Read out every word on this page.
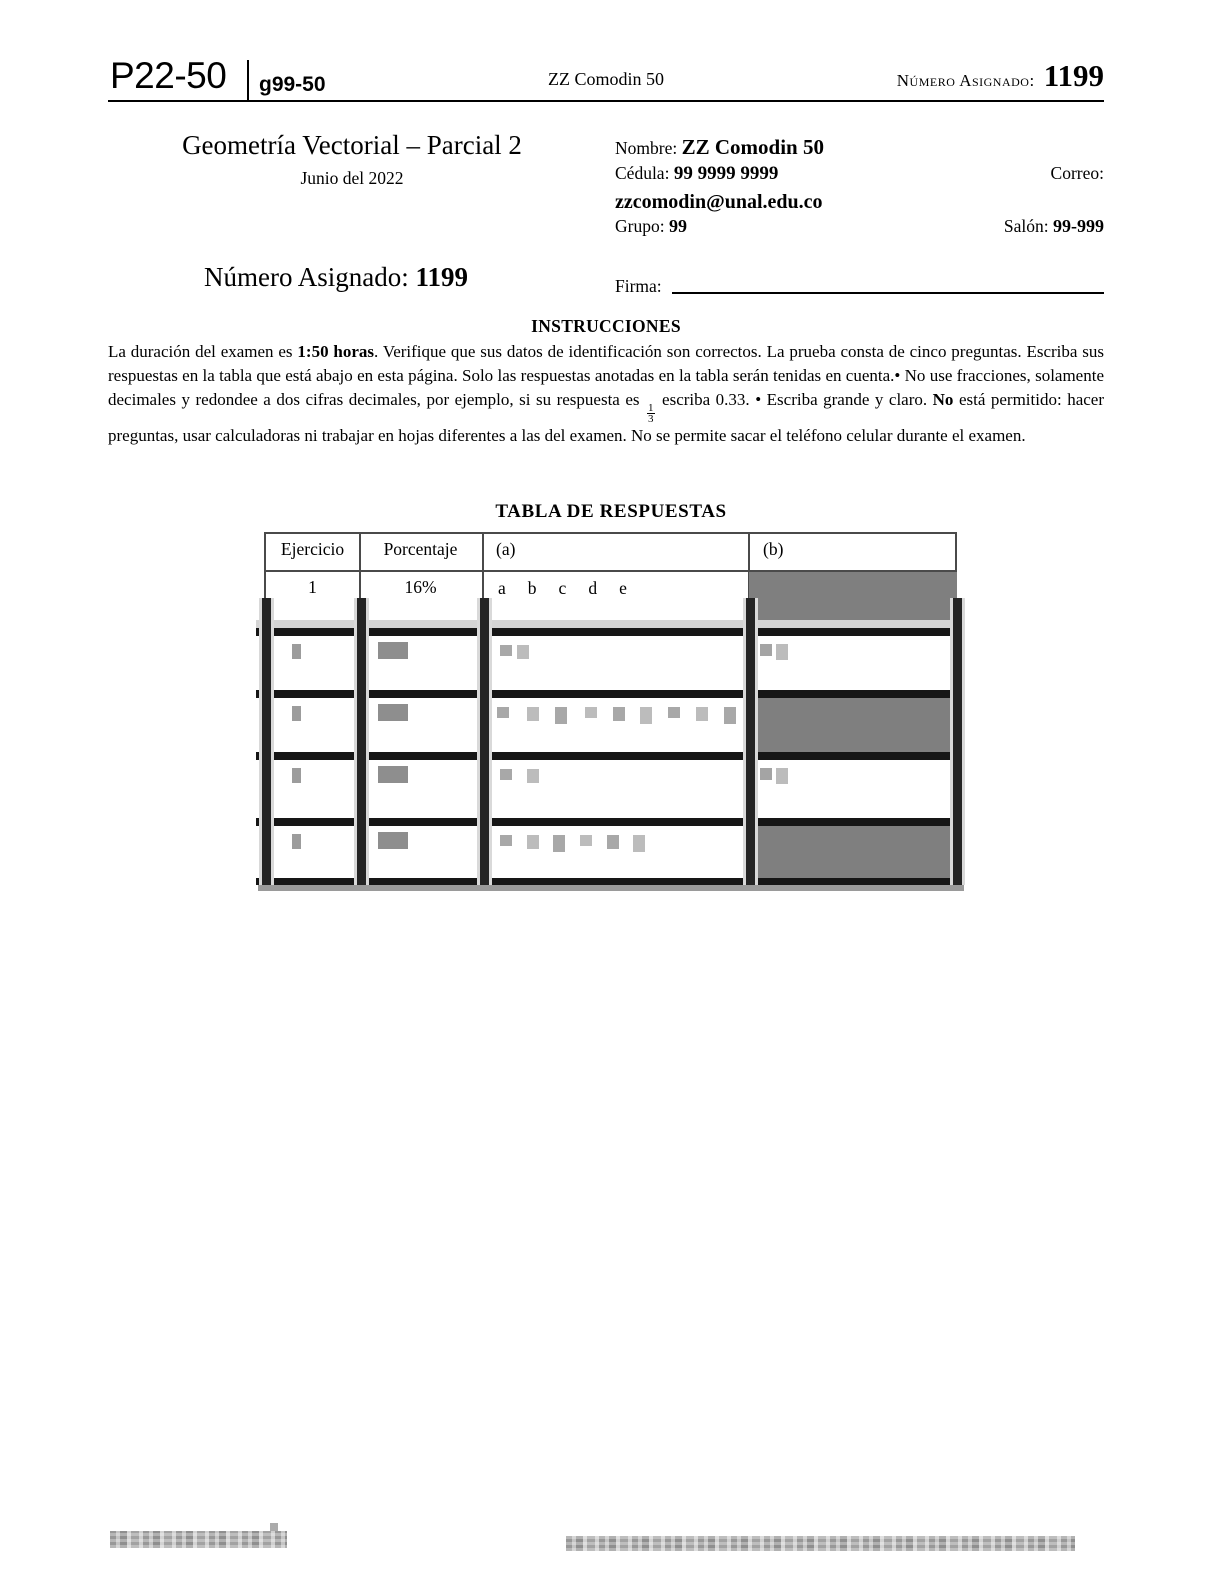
P22-50 g99-50	ZZ Comodin 50	Número Asignado: 1199
Geometría Vectorial – Parcial 2
Junio del 2022
Número Asignado: 1199
Nombre: ZZ Comodin 50
Cédula: 99 9999 9999	Correo:
zzcomodin@unal.edu.co
Grupo: 99	Salón: 99-999
Firma:
INSTRUCCIONES
La duración del examen es 1:50 horas. Verifique que sus datos de identificación son correctos. La prueba consta de cinco preguntas. Escriba sus respuestas en la tabla que está abajo en esta página. Solo las respuestas anotadas en la tabla serán tenidas en cuenta.• No use fracciones, solamente decimales y redondee a dos cifras decimales, por ejemplo, si su respuesta es
$\frac{1}{3}$
escriba 0.33. • Escriba grande y claro. No está permitido: hacer preguntas, usar calculadoras ni trabajar en hojas diferentes a las del examen. No se permite sacar el teléfono celular durante el examen.
TABLA DE RESPUESTAS
Ejercicio	Porcentaje	(a)	(b)
1	16%	a b c d e
